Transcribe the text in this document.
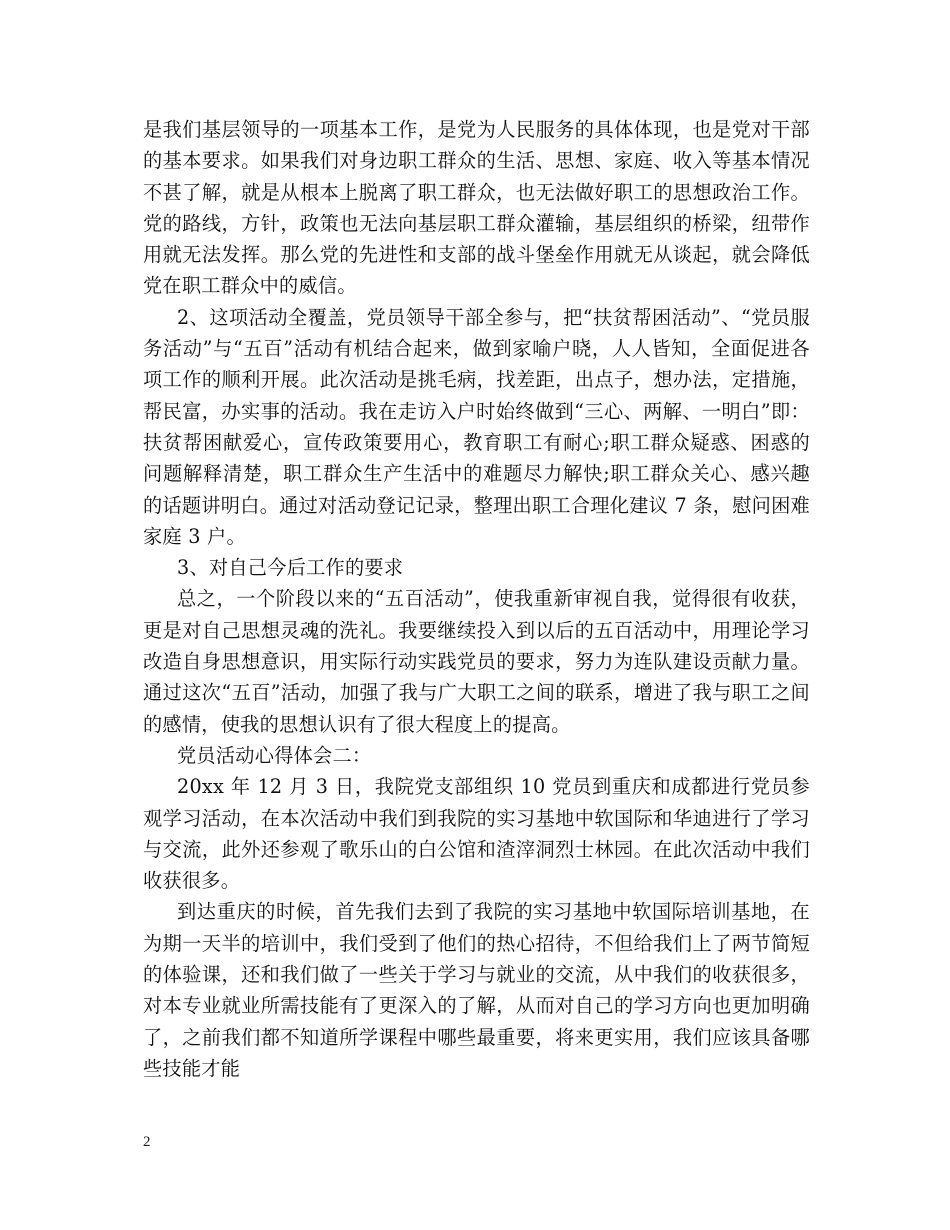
是我们基层领导的一项基本工作，是党为人民服务的具体体现，也是党对干部的基本要求。如果我们对身边职工群众的生活、思想、家庭、收入等基本情况不甚了解，就是从根本上脱离了职工群众，也无法做好职工的思想政治工作。党的路线，方针，政策也无法向基层职工群众灌输，基层组织的桥梁，纽带作用就无法发挥。那么党的先进性和支部的战斗堡垒作用就无从谈起，就会降低党在职工群众中的威信。

2、这项活动全覆盖，党员领导干部全参与，把“扶贫帮困活动”、“党员服务活动”与“五百”活动有机结合起来，做到家喻户晓，人人皆知，全面促进各项工作的顺利开展。此次活动是挑毛病，找差距，出点子，想办法，定措施，帮民富，办实事的活动。我在走访入户时始终做到“三心、两解、一明白”即：扶贫帮困献爱心，宣传政策要用心，教育职工有耐心;职工群众疑惑、困惑的问题解释清楚，职工群众生产生活中的难题尽力解快;职工群众关心、感兴趣的话题讲明白。通过对活动登记记录，整理出职工合理化建议 7 条，慰问困难家庭 3 户。

3、对自己今后工作的要求

总之，一个阶段以来的“五百活动”，使我重新审视自我，觉得很有收获，更是对自己思想灵魂的洗礼。我要继续投入到以后的五百活动中，用理论学习改造自身思想意识，用实际行动实践党员的要求，努力为连队建设贡献力量。通过这次“五百”活动，加强了我与广大职工之间的联系，增进了我与职工之间的感情，使我的思想认识有了很大程度上的提高。

党员活动心得体会二：

20xx 年 12 月 3 日，我院党支部组织 10 党员到重庆和成都进行党员参观学习活动，在本次活动中我们到我院的实习基地中软国际和华迪进行了学习与交流，此外还参观了歌乐山的白公馆和渣滓洞烈士林园。在此次活动中我们收获很多。

到达重庆的时候，首先我们去到了我院的实习基地中软国际培训基地，在为期一天半的培训中，我们受到了他们的热心招待，不但给我们上了两节简短的体验课，还和我们做了一些关于学习与就业的交流，从中我们的收获很多，对本专业就业所需技能有了更深入的了解，从而对自己的学习方向也更加明确了，之前我们都不知道所学课程中哪些最重要，将来更实用，我们应该具备哪些技能才能

2
